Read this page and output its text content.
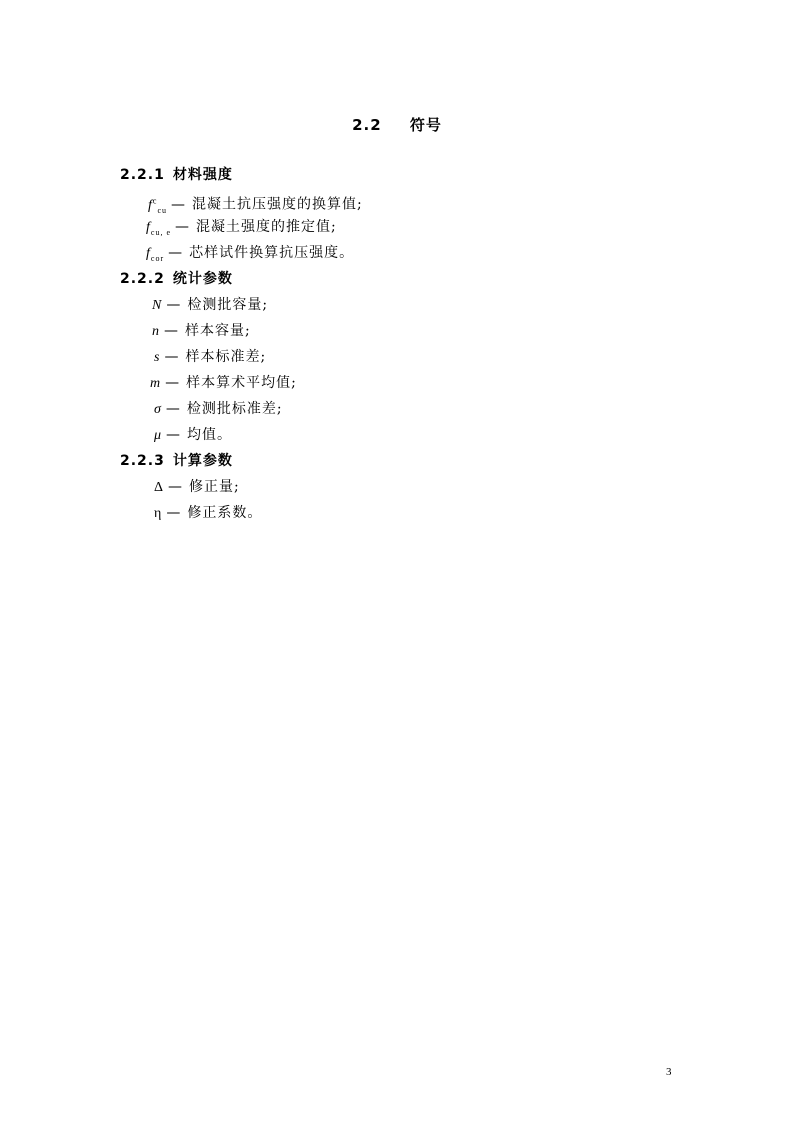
2.2 符号
2.2.1 材料强度
$f^c_{cu}$ — 混凝土抗压强度的换算值;
$f_{cu, e}$ — 混凝土强度的推定值;
$f_{cor}$ — 芯样试件换算抗压强度。
2.2.2 统计参数
N — 检测批容量;
n — 样本容量;
s — 样本标准差;
m — 样本算术平均值;
σ — 检测批标准差;
μ — 均值。
2.2.3 计算参数
Δ — 修正量;
η — 修正系数。
3
